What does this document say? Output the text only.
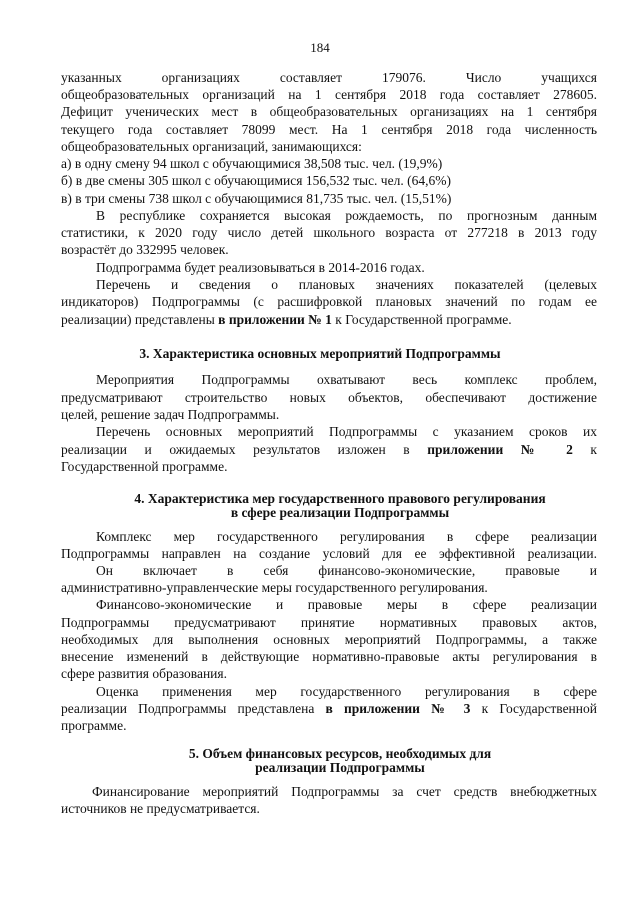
184
указанных организациях составляет 179076. Число учащихся
общеобразовательных организаций на 1 сентября 2018 года составляет 278605.
Дефицит ученических мест в общеобразовательных организациях на 1 сентября
текущего года составляет 78099 мест. На 1 сентября 2018 года численность
общеобразовательных организаций, занимающихся:
а) в одну смену 94 школ с обучающимися 38,508 тыс. чел. (19,9%)
б) в две смены 305 школ с обучающимися 156,532 тыс. чел. (64,6%)
в) в три смены 738 школ с обучающимися 81,735 тыс. чел. (15,51%)
В республике сохраняется высокая рождаемость, по прогнозным данным
статистики, к 2020 году число детей школьного возраста от 277218 в 2013 году
возрастёт до 332995 человек.
Подпрограмма будет реализовываться в 2014-2016 годах.
Перечень и сведения о плановых значениях показателей (целевых
индикаторов) Подпрограммы (с расшифровкой плановых значений по годам ее
реализации) представлены в приложении № 1 к Государственной программе.
3. Характеристика основных мероприятий Подпрограммы
Мероприятия Подпрограммы охватывают весь комплекс проблем,
предусматривают строительство новых объектов, обеспечивают достижение
целей, решение задач Подпрограммы.
Перечень основных мероприятий Подпрограммы с указанием сроков их
реализации и ожидаемых результатов изложен в приложении № 2 к
Государственной программе.
4. Характеристика мер государственного правового регулирования
в сфере реализации Подпрограммы
Комплекс мер государственного регулирования в сфере реализации
Подпрограммы направлен на создание условий для ее эффективной реализации.
Он включает в себя финансово-экономические, правовые и
административно-управленческие меры государственного регулирования.
Финансово-экономические и правовые меры в сфере реализации
Подпрограммы предусматривают принятие нормативных правовых актов,
необходимых для выполнения основных мероприятий Подпрограммы, а также
внесение изменений в действующие нормативно-правовые акты регулирования в
сфере развития образования.
Оценка применения мер государственного регулирования в сфере
реализации Подпрограммы представлена в приложении № 3 к Государственной
программе.
5. Объем финансовых ресурсов, необходимых для
реализации Подпрограммы
Финансирование мероприятий Подпрограммы за счет средств внебюджетных
источников не предусматривается.
